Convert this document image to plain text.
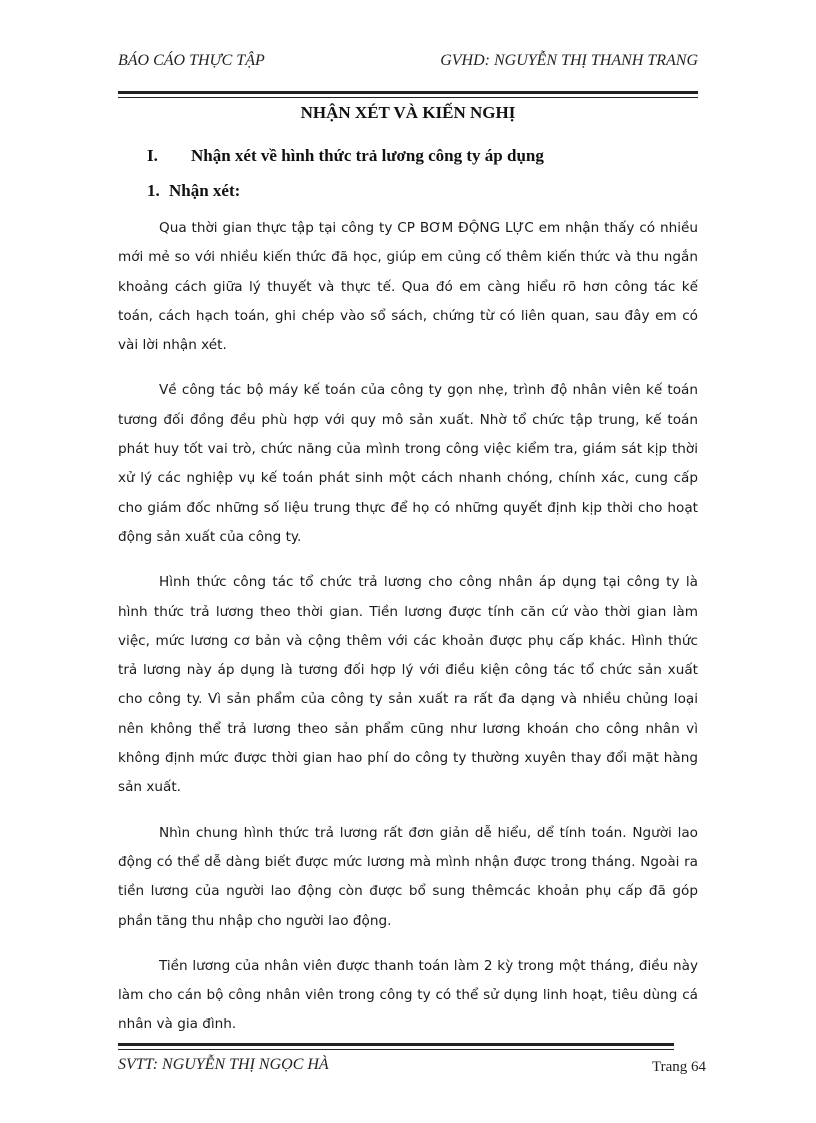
BÁO CÁO THỰC TẬP	GVHD: NGUYỄN THỊ THANH TRANG
NHẬN XÉT VÀ KIẾN NGHỊ
I. Nhận xét về hình thức trả lương công ty áp dụng
1. Nhận xét:

Qua thời gian thực tập tại công ty CP BƠM ĐỘNG LỰC em nhận thấy có nhiều mới mẻ so với nhiều kiến thức đã học, giúp em củng cố thêm kiến thức và thu ngắn khoảng cách giữa lý thuyết và thực tế. Qua đó em càng hiểu rõ hơn công tác kế toán, cách hạch toán, ghi chép vào sổ sách, chứng từ có liên quan, sau đây em có vài lời nhận xét.

Về công tác bộ máy kế toán của công ty gọn nhẹ, trình độ nhân viên kế toán tương đối đồng đều phù hợp với quy mô sản xuất. Nhờ tổ chức tập trung, kế toán phát huy tốt vai trò, chức năng của mình trong công việc kiểm tra, giám sát kịp thời xử lý các nghiệp vụ kế toán phát sinh một cách nhanh chóng, chính xác, cung cấp cho giám đốc những số liệu trung thực để họ có những quyết định kịp thời cho hoạt động sản xuất của công ty.

Hình thức công tác tổ chức trả lương cho công nhân áp dụng tại công ty là hình thức trả lương theo thời gian. Tiền lương được tính căn cứ vào thời gian làm việc, mức lương cơ bản và cộng thêm với các khoản được phụ cấp khác. Hình thức trả lương này áp dụng là tương đối hợp lý với điều kiện công tác tổ chức sản xuất cho công ty. Vì sản phẩm của công ty sản xuất ra rất đa dạng và nhiều chủng loại nên không thể trả lương theo sản phẩm cũng như lương khoán cho công nhân vì không định mức được thời gian hao phí do công ty thường xuyên thay đổi mặt hàng sản xuất.

Nhìn chung hình thức trả lương rất đơn giản dễ hiểu, dể tính toán. Người lao động có thể dễ dàng biết được mức lương mà mình nhận được trong tháng. Ngoài ra tiền lương của người lao động còn được bổ sung thêmcác khoản phụ cấp đã góp phần tăng thu nhập cho người lao động.

Tiền lương của nhân viên được thanh toán làm 2 kỳ trong một tháng, điều này làm cho cán bộ công nhân viên trong công ty có thể sử dụng linh hoạt, tiêu dùng cá nhân và gia đình.

SVTT: NGUYỄN THỊ NGỌC HÀ	Trang 64
